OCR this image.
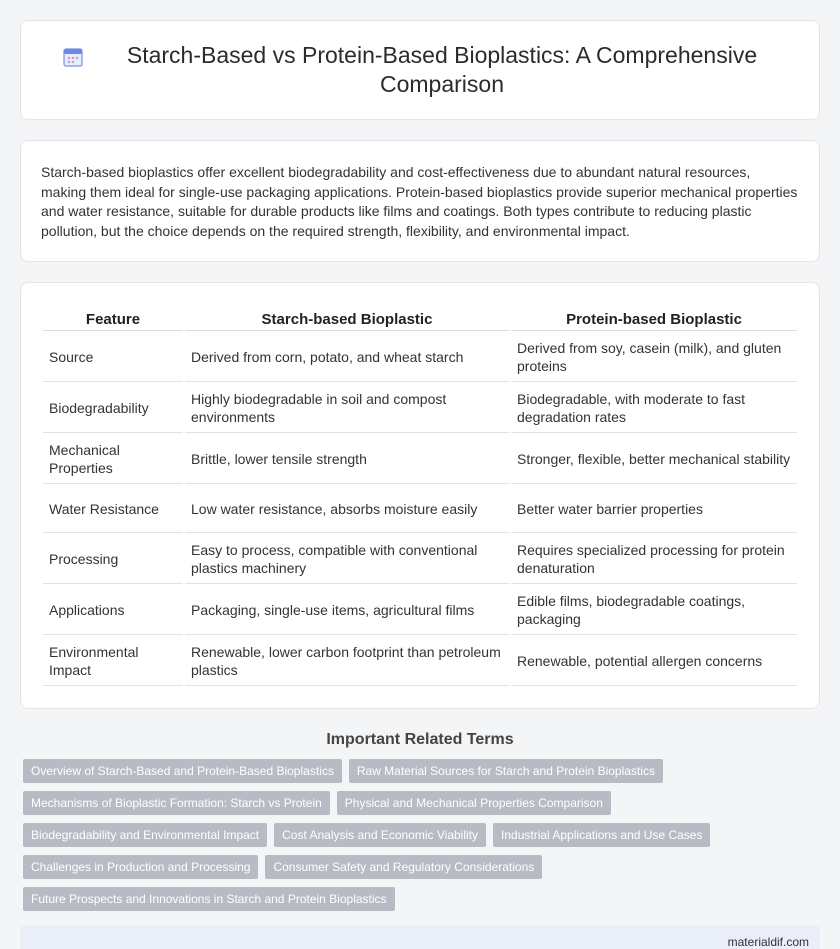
Starch-Based vs Protein-Based Bioplastics: A Comprehensive Comparison

Starch-based bioplastics offer excellent biodegradability and cost-effectiveness due to abundant natural resources, making them ideal for single-use packaging applications. Protein-based bioplastics provide superior mechanical properties and water resistance, suitable for durable products like films and coatings. Both types contribute to reducing plastic pollution, but the choice depends on the required strength, flexibility, and environmental impact.

Feature	Starch-based Bioplastic	Protein-based Bioplastic
Source	Derived from corn, potato, and wheat starch	Derived from soy, casein (milk), and gluten proteins
Biodegradability	Highly biodegradable in soil and compost environments	Biodegradable, with moderate to fast degradation rates
Mechanical Properties	Brittle, lower tensile strength	Stronger, flexible, better mechanical stability
Water Resistance	Low water resistance, absorbs moisture easily	Better water barrier properties
Processing	Easy to process, compatible with conventional plastics machinery	Requires specialized processing for protein denaturation
Applications	Packaging, single-use items, agricultural films	Edible films, biodegradable coatings, packaging
Environmental Impact	Renewable, lower carbon footprint than petroleum plastics	Renewable, potential allergen concerns
Important Related Terms
Overview of Starch-Based and Protein-Based Bioplastics	Raw Material Sources for Starch and Protein Bioplastics
Mechanisms of Bioplastic Formation: Starch vs Protein	Physical and Mechanical Properties Comparison
Biodegradability and Environmental Impact	Cost Analysis and Economic Viability	Industrial Applications and Use Cases
Challenges in Production and Processing	Consumer Safety and Regulatory Considerations
Future Prospects and Innovations in Starch and Protein Bioplastics
materialdif.com
